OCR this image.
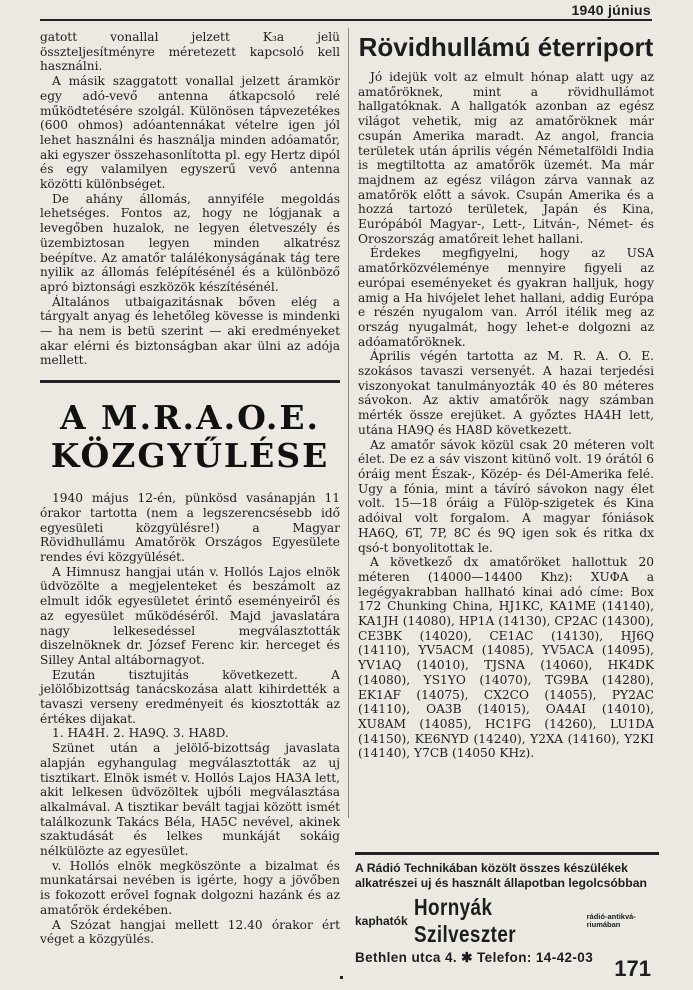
1940 június

gatott vonallal jelzett K₃a jelü összteljesítményre méretezett kapcsoló kell használni.

A másik szaggatott vonallal jelzett áramkör egy adó-vevő antenna átkapcsoló relé működtetésére szolgál. Különösen tápvezetékes (600 ohmos) adóantennákat vételre igen jól lehet használni és használja minden adóamatőr, aki egyszer összehasonlította pl. egy Hertz dipól és egy valamilyen egyszerű vevő antenna közötti különbséget.

De ahány állomás, annyiféle megoldás lehetséges. Fontos az, hogy ne lógjanak a levegőben huzalok, ne legyen életveszély és üzembiztosan legyen minden alkatrész beépítve. Az amatőr találékonyságának tág tere nyilik az állomás felépítésénél és a különböző apró biztonsági eszközök készítésénél.

Általános utbaigazitásnak bőven elég a tárgyalt anyag és lehetőleg kövesse is mindenki — ha nem is betü szerint — aki eredményeket akar elérni és biztonságban akar ülni az adója mellett.

A M.R.A.O.E.
KÖZGYŰLÉSE

1940 május 12-én, pünkösd vasánapján 11 órakor tartotta (nem a legszerencsésebb idő egyesületi közgyülésre!) a Magyar Rövidhullámu Amatőrök Országos Egyesülete rendes évi közgyülését.

A Himnusz hangjai után v. Hollós Lajos elnök üdvözölte a megjelenteket és beszámolt az elmult idők egyesületet érintő eseményeiről és az egyesület működéséről. Majd javaslatára nagy lelkesedéssel megválasztották diszelnöknek dr. József Ferenc kir. herceget és Silley Antal altábornagyot.

Ezután tisztujitás következett. A jelölőbizottság tanácskozása alatt kihirdették a tavaszi verseny eredményeit és kiosztották az értékes dijakat.

1. HA4H. 2. HA9Q. 3. HA8D.

Szünet után a jelölő-bizottság javaslata alapján egyhangulag megválasztották az uj tisztikart. Elnök ismét v. Hollós Lajos HA3A lett, akit lelkesen üdvözöltek ujbóli megválasztása alkalmával. A tisztikar bevált tagjai között ismét találkozunk Takács Béla, HA5C nevével, akinek szaktudását és lelkes munkáját sokáig nélkülözte az egyesület.

v. Hollós elnök megköszönte a bizalmat és munkatársai nevében is igérte, hogy a jövőben is fokozott erővel fognak dolgozni hazánk és az amatőrök érdekében.

A Szózat hangjai mellett 12.40 órakor ért véget a közgyülés.

Rövidhullámú éterriport

Jó idejük volt az elmult hónap alatt ugy az amatőröknek, mint a rövidhullámot hallgatóknak. A hallgatók azonban az egész világot vehetik, mig az amatőröknek már csupán Amerika maradt. Az angol, francia területek után április végén Németalföldi India is megtiltotta az amatőrök üzemét. Ma már majdnem az egész világon zárva vannak az amatőrök előtt a sávok. Csupán Amerika és a hozzá tartozó területek, Japán és Kina, Európából Magyar-, Lett-, Litván-, Német- és Oroszország amatőreit lehet hallani.

Érdekes megfigyelni, hogy az USA amatőrközvéleménye mennyire figyeli az európai eseményeket és gyakran halljuk, hogy amig a Ha hivójelet lehet hallani, addig Európa e részén nyugalom van. Arról itélik meg az ország nyugalmát, hogy lehet-e dolgozni az adóamatőröknek.

Április végén tartotta az M. R. A. O. E. szokásos tavaszi versenyét. A hazai terjedési viszonyokat tanulmányozták 40 és 80 méteres sávokon. Az aktiv amatőrök nagy számban mérték össze erejüket. A győztes HA4H lett, utána HA9Q és HA8D következett.

Az amatőr sávok közül csak 20 méteren volt élet. De ez a sáv viszont kitünő volt. 19 órától 6 óráig ment Észak-, Közép- és Dél-Amerika felé. Ugy a fónia, mint a távíró sávokon nagy élet volt. 15—18 óráig a Fülöp-szigetek és Kina adóival volt forgalom. A magyar fóniások HA6Q, 6T, 7P, 8C és 9Q igen sok és ritka dx qsó-t bonyolitottak le.

A következő dx amatőröket hallottuk 20 méteren (14000—14400 Khz): XUΦA a legégyakrabban hallható kinai adó címe: Box 172 Chunking China, HJ1KC, KA1ME (14140), KA1JH (14080), HP1A (14130), CP2AC (14300), CE3BK (14020), CE1AC (14130), HJ6Q (14110), YV5ACM (14085), YV5ACA (14095), YV1AQ (14010), TJSNA (14060), HK4DK (14080), YS1YO (14070), TG9BA (14280), EK1AF (14075), CX2CO (14055), PY2AC (14110), OA3B (14015), OA4AI (14010), XU8AM (14085), HC1FG (14260), LU1DA (14150), KE6NYD (14240), Y2XA (14160), Y2KI (14140), Y7CB (14050 KHz).

A Rádió Technikában közölt összes készülékek alkatrészei uj és használt állapotban legolcsóbban
kaphatók
Hornyák Szilveszter
rádió-antikvá-riumában
Bethlen utca 4. ✱ Telefon: 14-42-03 171
